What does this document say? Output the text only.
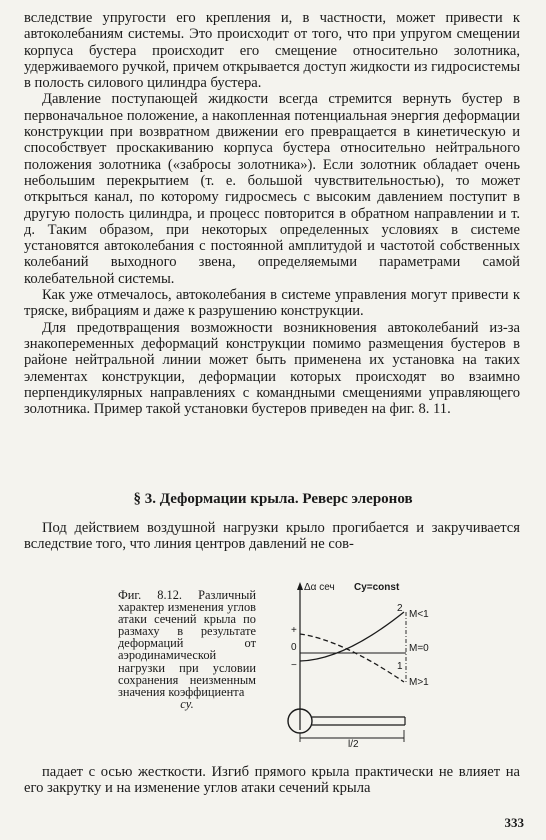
вследствие упругости его крепления и, в частности, может привести к автоколебаниям системы. Это происходит от того, что при упругом смещении корпуса бустера происходит его смещение относительно золотника, удерживаемого ручкой, причем открывается доступ жидкости из гидросистемы в полость силового цилиндра бустера.

Давление поступающей жидкости всегда стремится вернуть бустер в первоначальное положение, а накопленная потенциальная энергия деформации конструкции при возвратном движении его превращается в кинетическую и способствует проскакиванию корпуса бустера относительно нейтрального положения золотника («забросы золотника»). Если золотник обладает очень небольшим перекрытием (т. е. большой чувствительностью), то может открыться канал, по которому гидросмесь с высоким давлением поступит в другую полость цилиндра, и процесс повторится в обратном направлении и т. д. Таким образом, при некоторых определенных условиях в системе установятся автоколебания с постоянной амплитудой и частотой собственных колебаний выходного звена, определяемыми параметрами самой колебательной системы.

Как уже отмечалось, автоколебания в системе управления могут привести к тряске, вибрациям и даже к разрушению конструкции.

Для предотвращения возможности возникновения автоколебаний из-за знакопеременных деформаций конструкции помимо размещения бустеров в районе нейтральной линии может быть применена их установка на таких элементах конструкции, деформации которых происходят во взаимно перпендикулярных направлениях с командными смещениями управляющего золотника. Пример такой установки бустеров приведен на фиг. 8. 11.

§ 3. Деформации крыла. Реверс элеронов

Под действием воздушной нагрузки крыло прогибается и закручивается вследствие того, что линия центров давлений не сов-

Фиг. 8.12. Различный характер изменения углов атаки сечений крыла по размаху в результате деформаций от аэродинамической нагрузки при условии сохранения неизменным значения коэффициента
cy.
Δα сеч Cy=const
+
0
−
2
1
M<1
M=0
M>1
l/2

падает с осью жесткости. Изгиб прямого крыла практически не влияет на его закрутку и на изменение углов атаки сечений крыла

333
